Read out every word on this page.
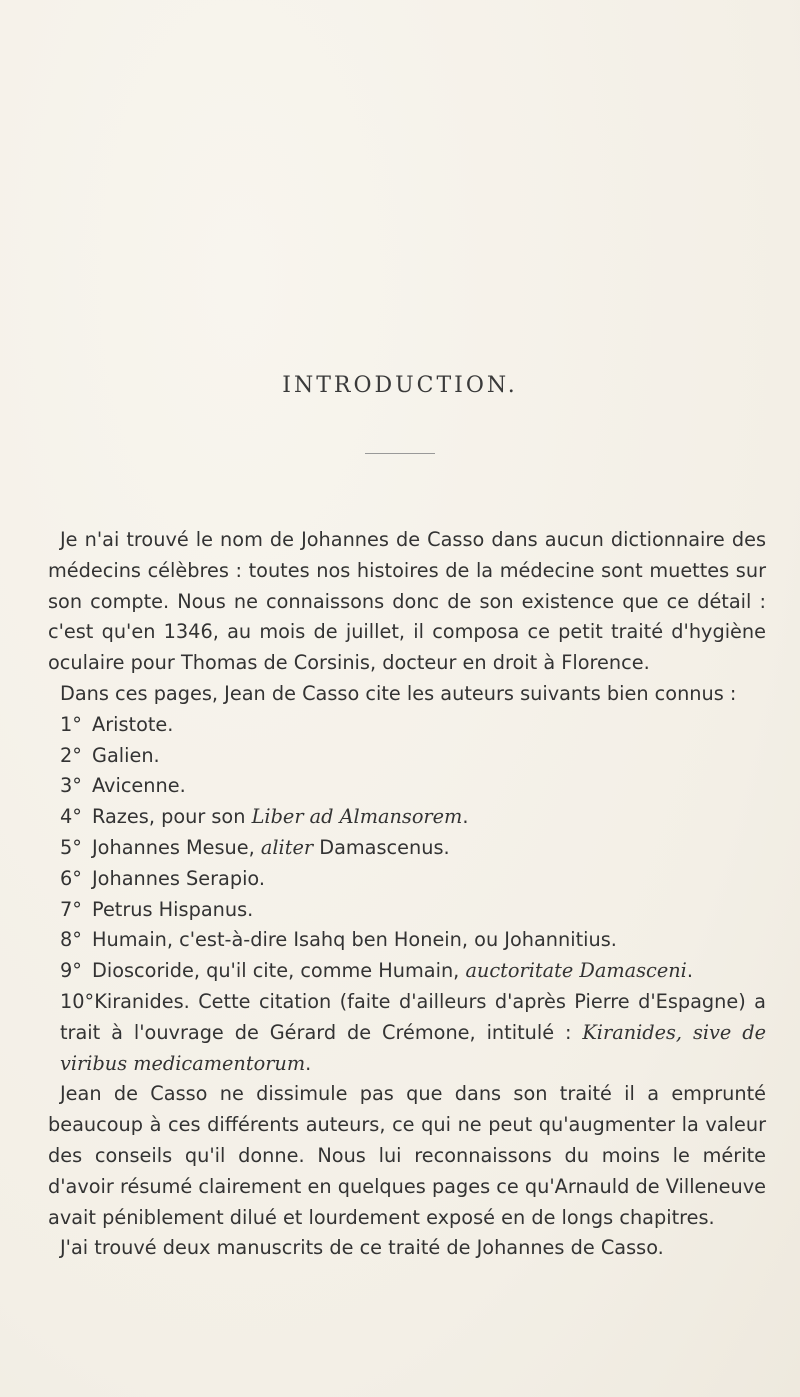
INTRODUCTION.

Je n'ai trouvé le nom de Johannes de Casso dans aucun dictionnaire des médecins célèbres : toutes nos histoires de la médecine sont muettes sur son compte. Nous ne connaissons donc de son existence que ce détail : c'est qu'en 1346, au mois de juillet, il composa ce petit traité d'hygiène oculaire pour Thomas de Corsinis, docteur en droit à Florence.

Dans ces pages, Jean de Casso cite les auteurs suivants bien connus :

1° Aristote.

2° Galien.

3° Avicenne.

4° Razes, pour son Liber ad Almansorem.

5° Johannes Mesue, aliter Damascenus.

6° Johannes Serapio.

7° Petrus Hispanus.

8° Humain, c'est-à-dire Isahq ben Honein, ou Johannitius.

9° Dioscoride, qu'il cite, comme Humain, auctoritate Damasceni.

10°Kiranides. Cette citation (faite d'ailleurs d'après Pierre d'Espagne) a trait à l'ouvrage de Gérard de Crémone, intitulé : Kiranides, sive de viribus medicamentorum.

Jean de Casso ne dissimule pas que dans son traité il a emprunté beaucoup à ces différents auteurs, ce qui ne peut qu'augmenter la valeur des conseils qu'il donne. Nous lui reconnaissons du moins le mérite d'avoir résumé clairement en quelques pages ce qu'Arnauld de Villeneuve avait péniblement dilué et lourdement exposé en de longs chapitres.

J'ai trouvé deux manuscrits de ce traité de Johannes de Casso.
